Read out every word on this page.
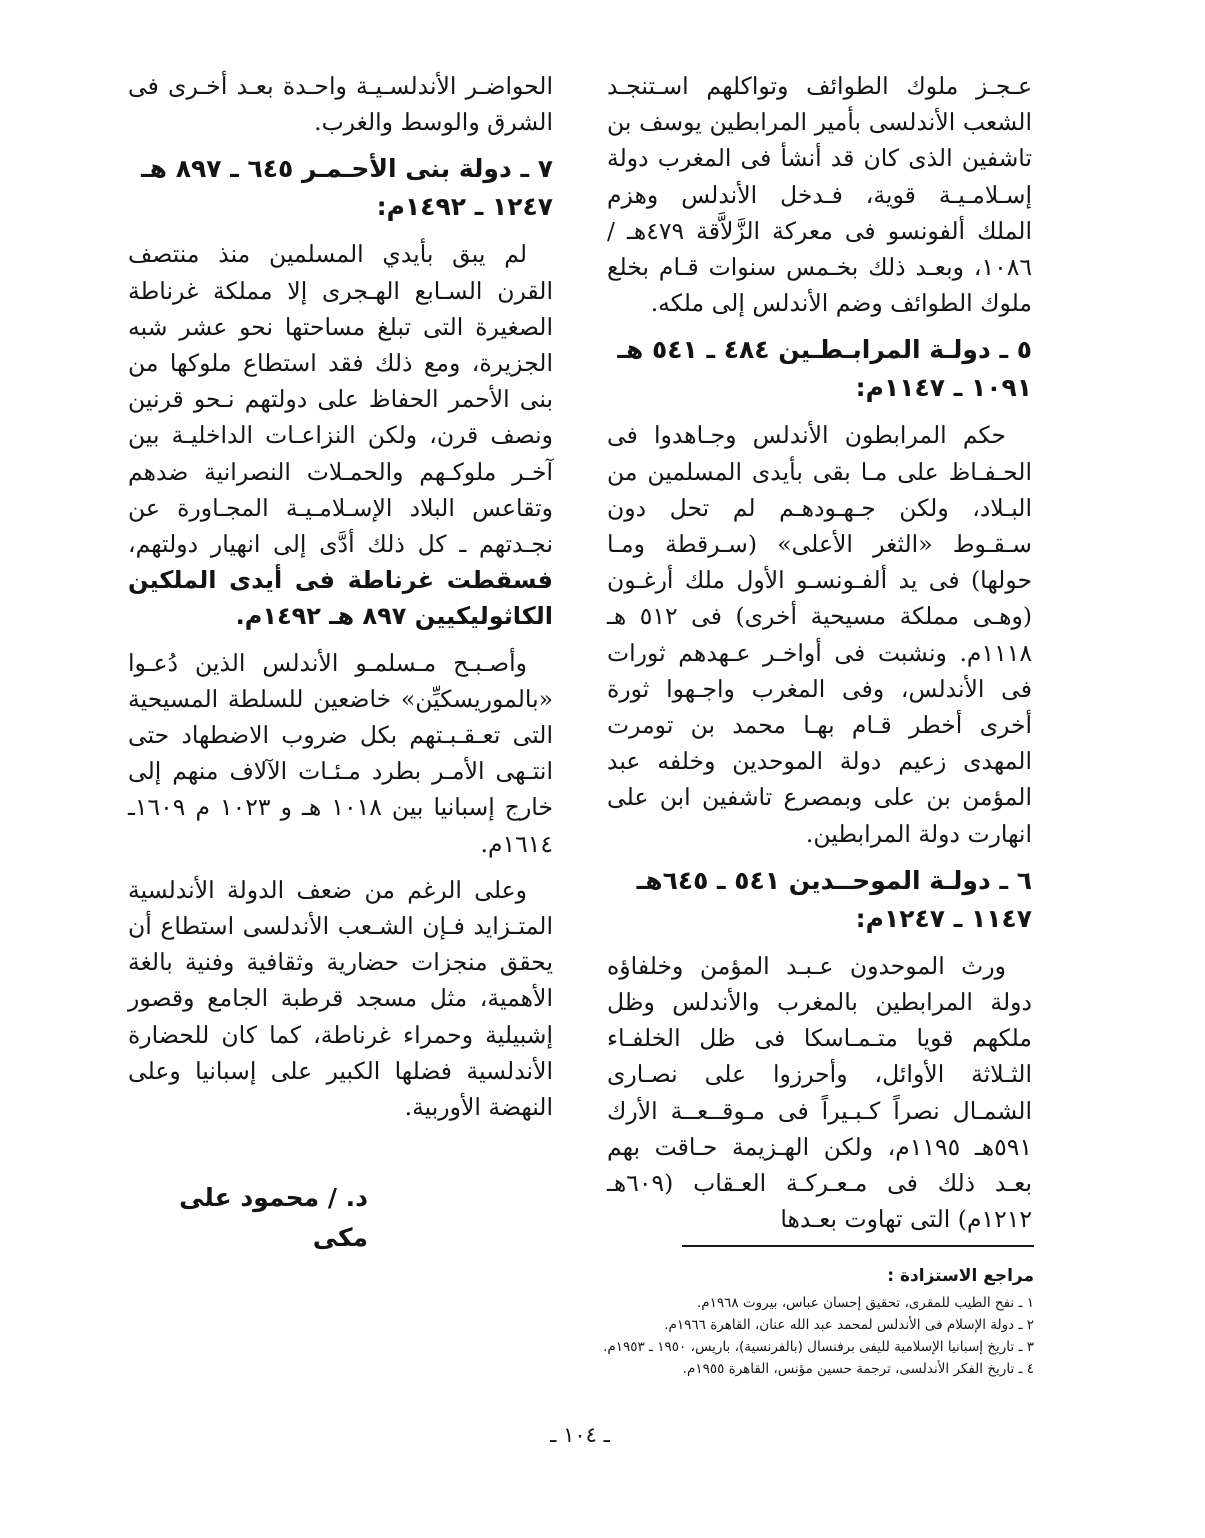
عـجـز ملوك الطوائف وتواكلهم اسـتنجـد الشعب الأندلسى بأمير المرابطين يوسف بن تاشفين الذى كان قد أنشأ فى المغرب دولة إسـلامـيـة قوية، فـدخل الأندلس وهزم الملك ألفونسو فى معركة الزَّلاَّقة ٤٧٩هـ / ١٠٨٦، وبعـد ذلك بخـمس سنوات قـام بخلع ملوك الطوائف وضم الأندلس إلى ملكه.

٥ ـ دولـة المرابـطـين ٤٨٤ ـ ٥٤١ هـ ١٠٩١ ـ ١١٤٧م:

حكم المرابطون الأندلس وجـاهدوا فى الحـفـاظ على مـا بقى بأيدى المسلمين من البـلاد، ولكن جـهـودهـم لم تحل دون سـقـوط «الثغر الأعلى» (سـرقطة ومـا حولها) فى يد ألفـونسـو الأول ملك أرغـون (وهـى مملكة مسيحية أخرى) فى ٥١٢ هـ ١١١٨م. ونشبت فى أواخـر عـهدهم ثورات فى الأندلس، وفى المغرب واجـهوا ثورة أخرى أخطر قـام بهـا محمد بن تومرت المهدى زعيم دولة الموحدين وخلفه عبد المؤمن بن على وبمصرع تاشفين ابن على انهارت دولة المرابطين.

٦ ـ دولـة الموحــدين ٥٤١ ـ ٦٤٥هـ ١١٤٧ ـ ١٢٤٧م:

ورث الموحدون عـبـد المؤمن وخلفاؤه دولة المرابطين بالمغرب والأندلس وظل ملكهم قويا متـمـاسكا فى ظل الخلفـاء الثـلاثة الأوائل، وأحرزوا على نصـارى الشمـال نصراً كـبـيراً فى مـوقــعــة الأرك ٥٩١هـ ١١٩٥م، ولكن الهـزيمة حـاقت بهم بعـد ذلك فى مـعـركـة العـقاب (٦٠٩هـ ١٢١٢م) التى تهاوت بعـدها

الحواضـر الأندلسـيـة واحـدة بعـد أخـرى فى الشرق والوسط والغرب.

٧ ـ دولة بنى الأحـمـر ٦٤٥ ـ ٨٩٧ هـ ١٢٤٧ ـ ١٤٩٢م:

لم يبق بأيدي المسلمين منذ منتصف القرن السـابع الهـجرى إلا مملكة غرناطة الصغيرة التى تبلغ مساحتها نحو عشر شبه الجزيرة، ومع ذلك فقد استطاع ملوكها من بنى الأحمر الحفاظ على دولتهم نـحو قرنين ونصف قرن، ولكن النزاعـات الداخليـة بين آخـر ملوكـهم والحمـلات النصرانية ضدهم وتقاعس البلاد الإسـلامـيـة المجـاورة عن نجـدتهم ـ كل ذلك أدَّى إلى انهيار دولتهم، فسقطت غرناطة فى أيدى الملكين الكاثوليكيين ٨٩٧ هـ ١٤٩٢م.

وأصـبـح مـسلمـو الأندلس الذين دُعـوا «بالموريسكيِّن» خاضعين للسلطة المسيحية التى تعـقـبـتهم بكل ضروب الاضطهاد حتى انتـهى الأمـر بطرد مـئـات الآلاف منهم إلى خارج إسبانيا بين ١٠١٨ هـ و ١٠٢٣ م ١٦٠٩ـ ١٦١٤م.

وعلى الرغم من ضعف الدولة الأندلسية المتـزايد فـإن الشـعب الأندلسى استطاع أن يحقق منجزات حضارية وثقافية وفنية بالغة الأهمية، مثل مسجد قرطبة الجامع وقصور إشبيلية وحمراء غرناطة، كما كان للحضارة الأندلسية فضلها الكبير على إسبانيا وعلى النهضة الأوربية.

د. / محمود على مكى

مراجع الاستزادة :

١ ـ نفح الطيب للمقرى، تحقيق إحسان عباس، بيروت ١٩٦٨م.

٢ ـ دولة الإسلام فى الأندلس لمحمد عبد الله عنان، القاهرة ١٩٦٦م.

٣ ـ تاريخ إسبانيا الإسلامية لليفى برفنسال (بالفرنسية)، باريس، ١٩٥٠ ـ ١٩٥٣م.

٤ ـ تاريخ الفكر الأندلسى، ترجمة حسين مؤنس، القاهرة ١٩٥٥م.

ـ ١٠٤ ـ
